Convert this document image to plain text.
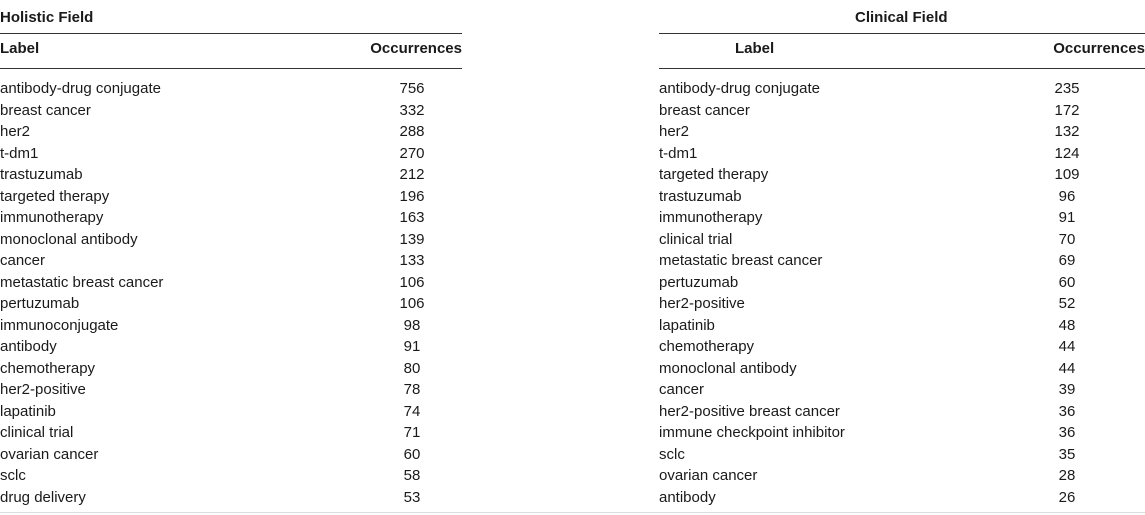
Holistic Field
Label	Occurrences
antibody-drug conjugate	756
breast cancer	332
her2	288
t-dm1	270
trastuzumab	212
targeted therapy	196
immunotherapy	163
monoclonal antibody	139
cancer	133
metastatic breast cancer	106
pertuzumab	106
immunoconjugate	98
antibody	91
chemotherapy	80
her2-positive	78
lapatinib	74
clinical trial	71
ovarian cancer	60
sclc	58
drug delivery	53
Clinical Field
Label	Occurrences
antibody-drug conjugate	235
breast cancer	172
her2	132
t-dm1	124
targeted therapy	109
trastuzumab	96
immunotherapy	91
clinical trial	70
metastatic breast cancer	69
pertuzumab	60
her2-positive	52
lapatinib	48
chemotherapy	44
monoclonal antibody	44
cancer	39
her2-positive breast cancer	36
immune checkpoint inhibitor	36
sclc	35
ovarian cancer	28
antibody	26
